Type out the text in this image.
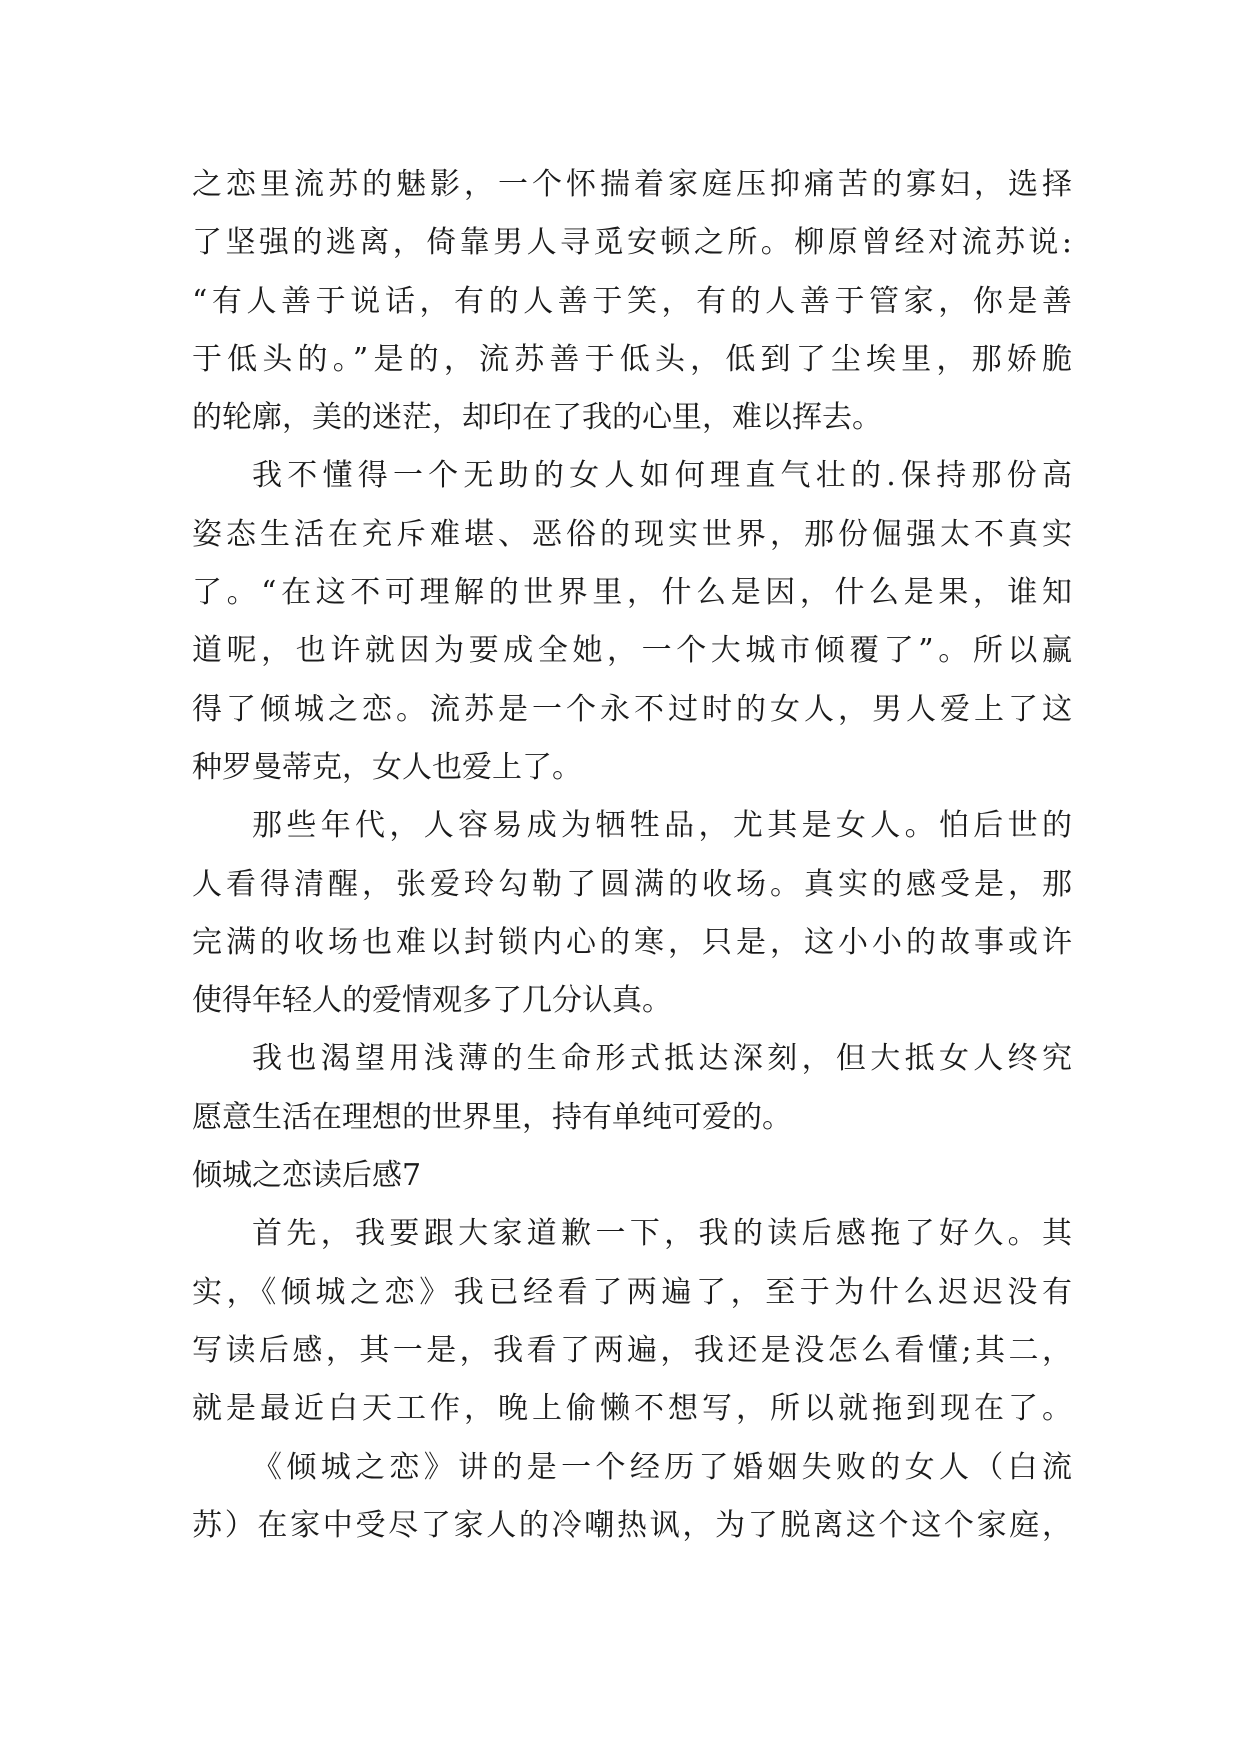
之恋里流苏的魅影，一个怀揣着家庭压抑痛苦的寡妇，选择
了坚强的逃离，倚靠男人寻觅安顿之所。柳原曾经对流苏说:
“有人善于说话，有的人善于笑，有的人善于管家，你是善
于低头的。”是的，流苏善于低头，低到了尘埃里，那娇脆
的轮廓，美的迷茫，却印在了我的心里，难以挥去。
我不懂得一个无助的女人如何理直气壮的.保持那份高
姿态生活在充斥难堪、恶俗的现实世界，那份倔强太不真实
了。“在这不可理解的世界里，什么是因，什么是果，谁知
道呢，也许就因为要成全她，一个大城市倾覆了”。所以赢
得了倾城之恋。流苏是一个永不过时的女人，男人爱上了这
种罗曼蒂克，女人也爱上了。
那些年代，人容易成为牺牲品，尤其是女人。怕后世的
人看得清醒，张爱玲勾勒了圆满的收场。真实的感受是，那
完满的收场也难以封锁内心的寒，只是，这小小的故事或许
使得年轻人的爱情观多了几分认真。
我也渴望用浅薄的生命形式抵达深刻，但大抵女人终究
愿意生活在理想的世界里，持有单纯可爱的。
倾城之恋读后感7
首先，我要跟大家道歉一下，我的读后感拖了好久。其
实，《倾城之恋》我已经看了两遍了，至于为什么迟迟没有
写读后感，其一是，我看了两遍，我还是没怎么看懂;其二，
就是最近白天工作，晚上偷懒不想写，所以就拖到现在了。
《倾城之恋》讲的是一个经历了婚姻失败的女人（白流
苏）在家中受尽了家人的冷嘲热讽，为了脱离这个这个家庭，
